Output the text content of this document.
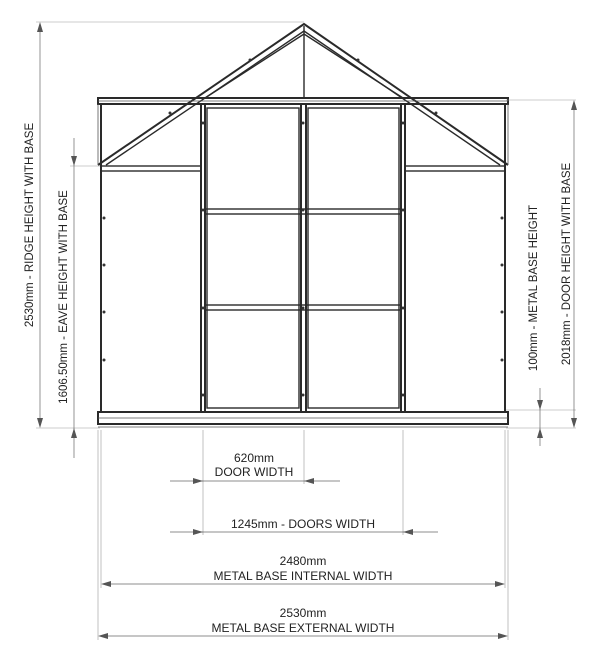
2530mm - RIDGE HEIGHT WITH BASE 1606.50mm - EAVE HEIGHT WITH BASE	100mm - METAL BASE HEIGHT 2018mm - DOOR HEIGHT WITH BASE
620mm
DOOR WIDTH
1245mm - DOORS WIDTH
2480mm
METAL BASE INTERNAL WIDTH
2530mm
METAL BASE EXTERNAL WIDTH
